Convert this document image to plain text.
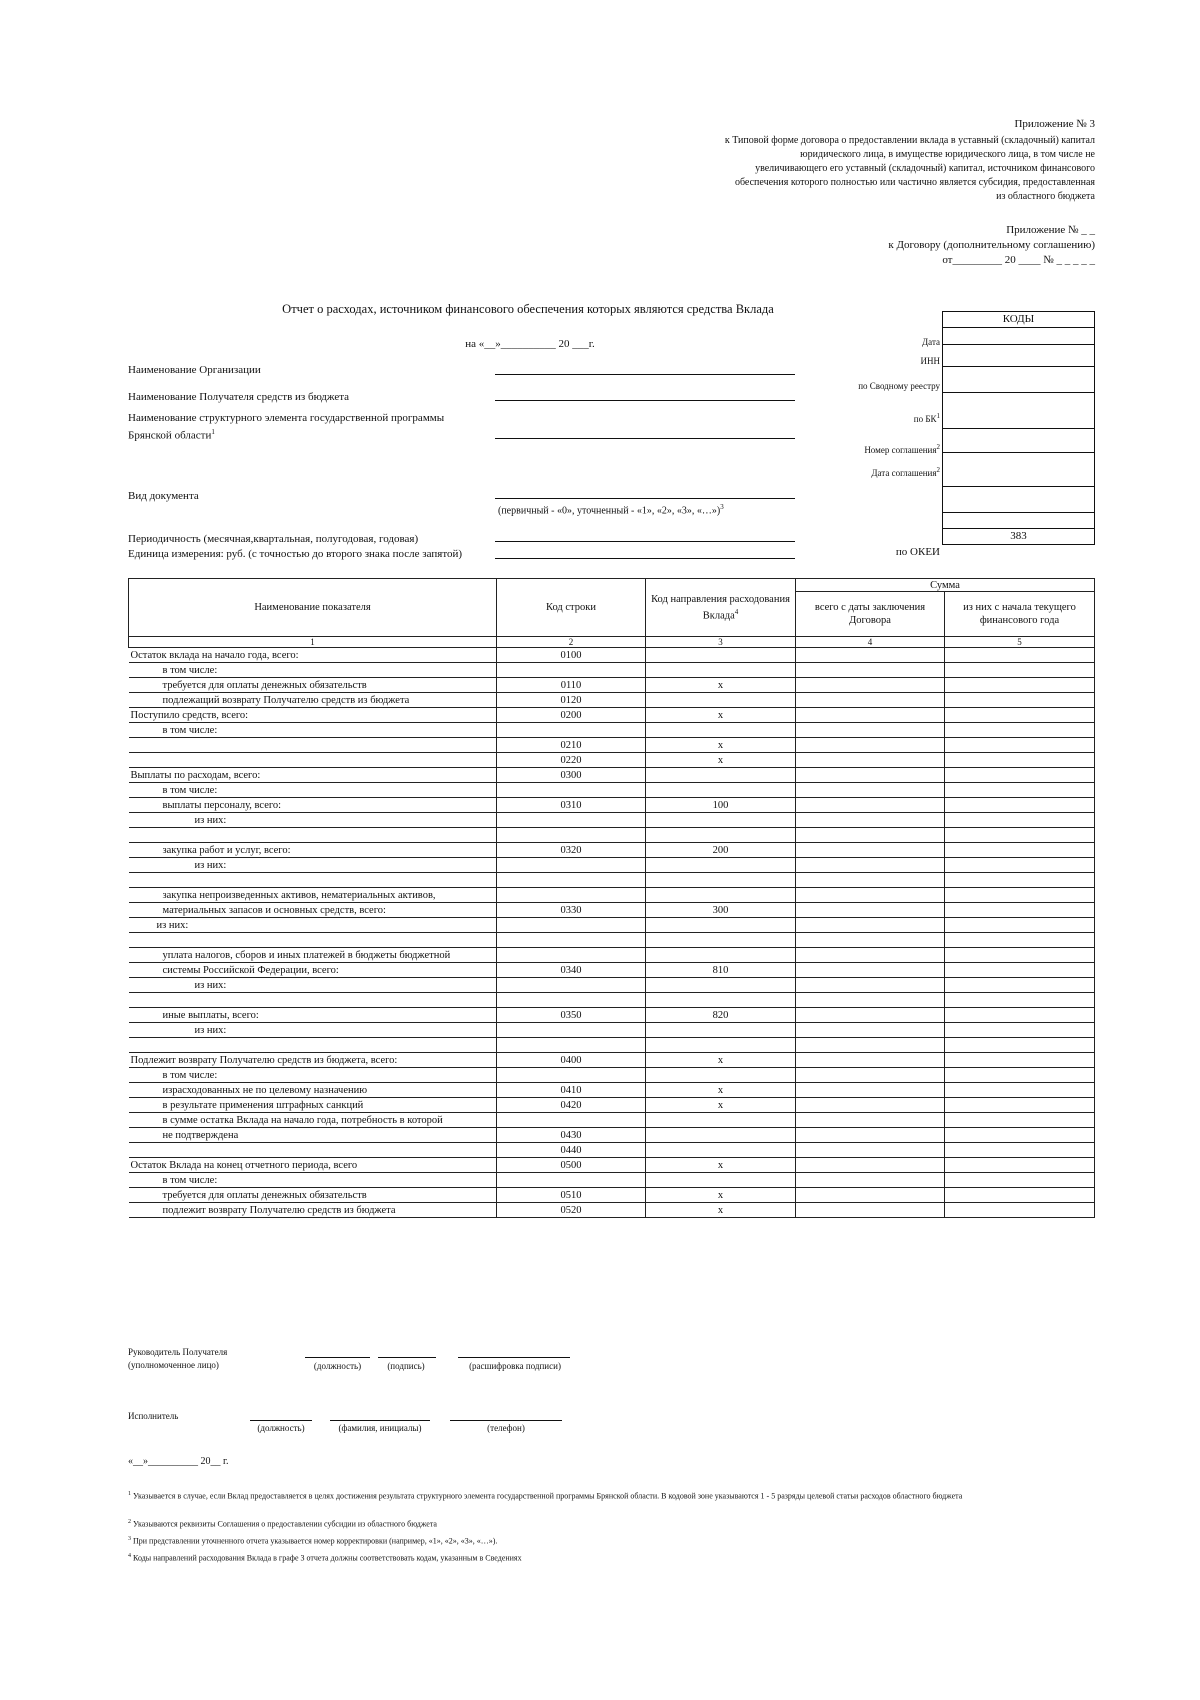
Приложение № 3
к Типовой форме договора о предоставлении вклада в уставный (складочный) капитал
юридического лица, в имуществе юридического лица, в том числе не
увеличивающего его уставный (складочный) капитал, источником финансового
обеспечения которого полностью или частично является субсидия, предоставленная
из областного бюджета
Приложение № _ _
к Договору (дополнительному соглашению)
от_________ 20 ____ № _ _ _ _ _
Отчет о расходах, источником финансового обеспечения которых являются средства Вклада
на «__»__________ 20 ___г.
Наименование Организации
Наименование Получателя средств из бюджета
Наименование структурного элемента государственной программы
Брянской области$^1$
Вид документа
(первичный - «0», уточненный - «1», «2», «3», «…»)$^3$
Периодичность (месячная,квартальная, полугодовая, годовая)
Единица измерения: руб. (с точностью до второго знака после запятой)
Дата
ИНН
по Сводному реестру
по $БК^1$
Номер соглашения$^2$
Дата соглашения$^2$
по ОКЕИ
КОДЫ
383
Наименование показателя	Код строки	Код направления расходования Вклада$^4$	Сумма	
			всего с даты заключения Договора	из них с начала текущего финансового года
1	2	3	4	5
Остаток вклада на начало года, всего:	0100			
в том числе:				
требуется для оплаты денежных обязательств	0110	x		
подлежащий возврату Получателю средств из бюджета	0120			
Поступило средств, всего:	0200	x		
в том числе:				
	0210	x		
	0220	x		
Выплаты по расходам, всего:	0300			
в том числе:				
выплаты персоналу, всего:	0310	100		
из них:				

закупка работ и услуг, всего:	0320	200		
из них:				

закупка непроизведенных активов, нематериальных активов,				
материальных запасов и основных средств, всего:	0330	300		
из них:				

уплата налогов, сборов и иных платежей в бюджеты бюджетной				
системы Российской Федерации, всего:	0340	810		
из них:				

иные выплаты, всего:	0350	820		
из них:				

Подлежит возврату Получателю средств из бюджета, всего:	0400	x		
в том числе:				
израсходованных не по целевому назначению	0410	x		
в результате применения штрафных санкций	0420	x		
в сумме остатка Вклада на начало года, потребность в которой				
не подтверждена	0430			
	0440			
Остаток Вклада на конец отчетного периода, всего	0500	x		
в том числе:				
требуется для оплаты денежных обязательств	0510	x		
подлежит возврату Получателю средств из бюджета	0520	x		
Руководитель Получателя
(уполномоченное лицо)	(должность)	(подпись)	(расшифровка подписи)
Исполнитель
(должность)	(фамилия, инициалы)	(телефон)
«__»__________ 20__ г.
$^1$ Указывается в случае, если Вклад предоставляется в целях достижения результата структурного элемента государственной программы Брянской области. В кодовой зоне указываются 1 - 5 разряды целевой статьи расходов областного бюджета
$^2$ Указываются реквизиты Соглашения о предоставлении субсидии из областного бюджета
$^3$ При представлении уточненного отчета указывается номер корректировки (например, «1», «2», «3», «…»).
$^4$ Коды направлений расходования Вклада в графе 3 отчета должны соответствовать кодам, указанным в Сведениях
